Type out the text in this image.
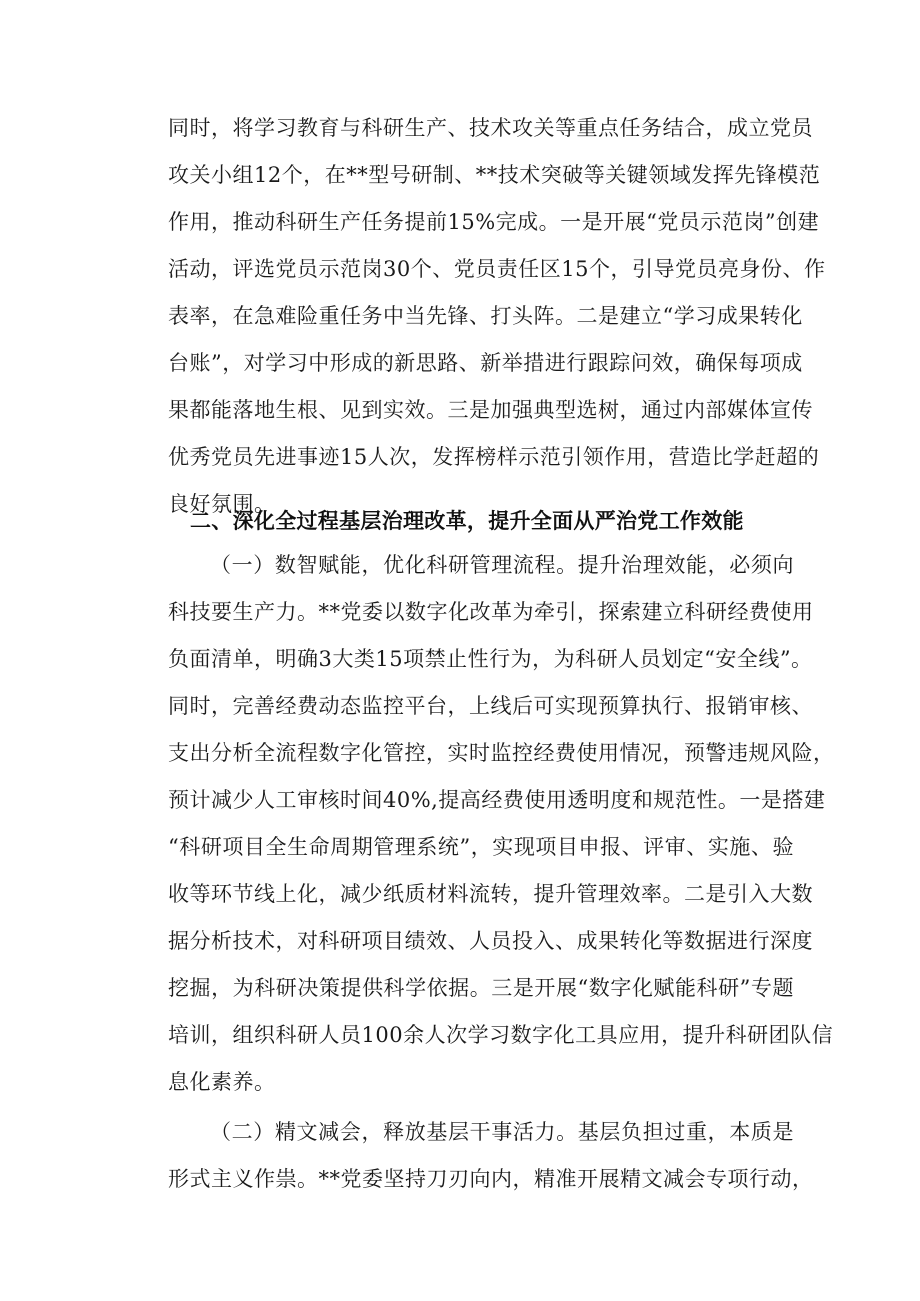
同时，将学习教育与科研生产、技术攻关等重点任务结合，成立党员
攻关小组12个，在**型号研制、**技术突破等关键领域发挥先锋模范
作用，推动科研生产任务提前15%完成。一是开展“党员示范岗”创建
活动，评选党员示范岗30个、党员责任区15个，引导党员亮身份、作
表率，在急难险重任务中当先锋、打头阵。二是建立“学习成果转化
台账”，对学习中形成的新思路、新举措进行跟踪问效，确保每项成
果都能落地生根、见到实效。三是加强典型选树，通过内部媒体宣传
优秀党员先进事迹15人次，发挥榜样示范引领作用，营造比学赶超的
良好氛围。
二、深化全过程基层治理改革，提升全面从严治党工作效能
（一）数智赋能，优化科研管理流程。提升治理效能，必须向
科技要生产力。**党委以数字化改革为牵引，探索建立科研经费使用
负面清单，明确3大类15项禁止性行为，为科研人员划定“安全线”。
同时，完善经费动态监控平台，上线后可实现预算执行、报销审核、
支出分析全流程数字化管控，实时监控经费使用情况，预警违规风险，
预计减少人工审核时间40%,提高经费使用透明度和规范性。一是搭建
“科研项目全生命周期管理系统”，实现项目申报、评审、实施、验
收等环节线上化，减少纸质材料流转，提升管理效率。二是引入大数
据分析技术，对科研项目绩效、人员投入、成果转化等数据进行深度
挖掘，为科研决策提供科学依据。三是开展“数字化赋能科研”专题
培训，组织科研人员100余人次学习数字化工具应用，提升科研团队信
息化素养。
（二）精文减会，释放基层干事活力。基层负担过重，本质是
形式主义作祟。**党委坚持刀刃向内，精准开展精文减会专项行动，
